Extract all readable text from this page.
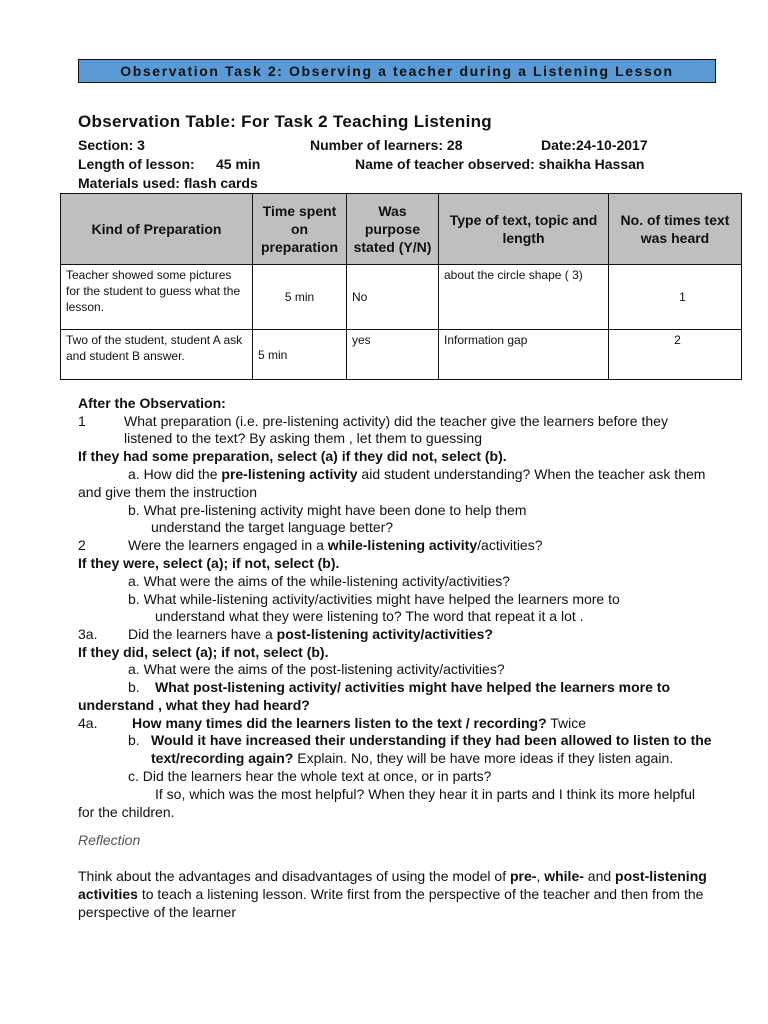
Observation Task 2: Observing a teacher during a Listening Lesson
Observation Table: For Task 2 Teaching Listening
Section: 3	Number of learners: 28	Date:24-10-2017
Length of lesson: 45 min	Name of teacher observed: shaikha Hassan
Materials used: flash cards
Kind of Preparation	Time spent on preparation	Was purpose stated (Y/N)	Type of text, topic and length	No. of times text was heard
Teacher showed some pictures for the student to guess what the lesson.	5 min	No	about the circle shape ( 3)	1
Two of the student, student A ask and student B answer.	5 min	yes	Information gap	2
After the Observation:
1	What preparation (i.e. pre-listening activity) did the teacher give the learners before they
listened to the text? By asking them , let them to guessing
If they had some preparation, select (a) if they did not, select (b).
a. How did the pre-listening activity aid student understanding? When the teacher ask them
and give them the instruction
b. What pre-listening activity might have been done to help them
understand the target language better?
2	Were the learners engaged in a while-listening activity/activities?
If they were, select (a); if not, select (b).
a. What were the aims of the while-listening activity/activities?
b. What while-listening activity/activities might have helped the learners more to
understand what they were listening to? The word that repeat it a lot .
3a. Did the learners have a post-listening activity/activities?
If they did, select (a); if not, select (b).
a. What were the aims of the post-listening activity/activities?
b. What post-listening activity/ activities might have helped the learners more to
understand , what they had heard?
4a. How many times did the learners listen to the text / recording? Twice
b. Would it have increased their understanding if they had been allowed to listen to the
text/recording again? Explain. No, they will be have more ideas if they listen again.
c. Did the learners hear the whole text at once, or in parts?
If so, which was the most helpful? When they hear it in parts and I think its more helpful
for the children.
Reflection
Think about the advantages and disadvantages of using the model of pre-, while- and post-listening
activities to teach a listening lesson. Write first from the perspective of the teacher and then from the
perspective of the learner
